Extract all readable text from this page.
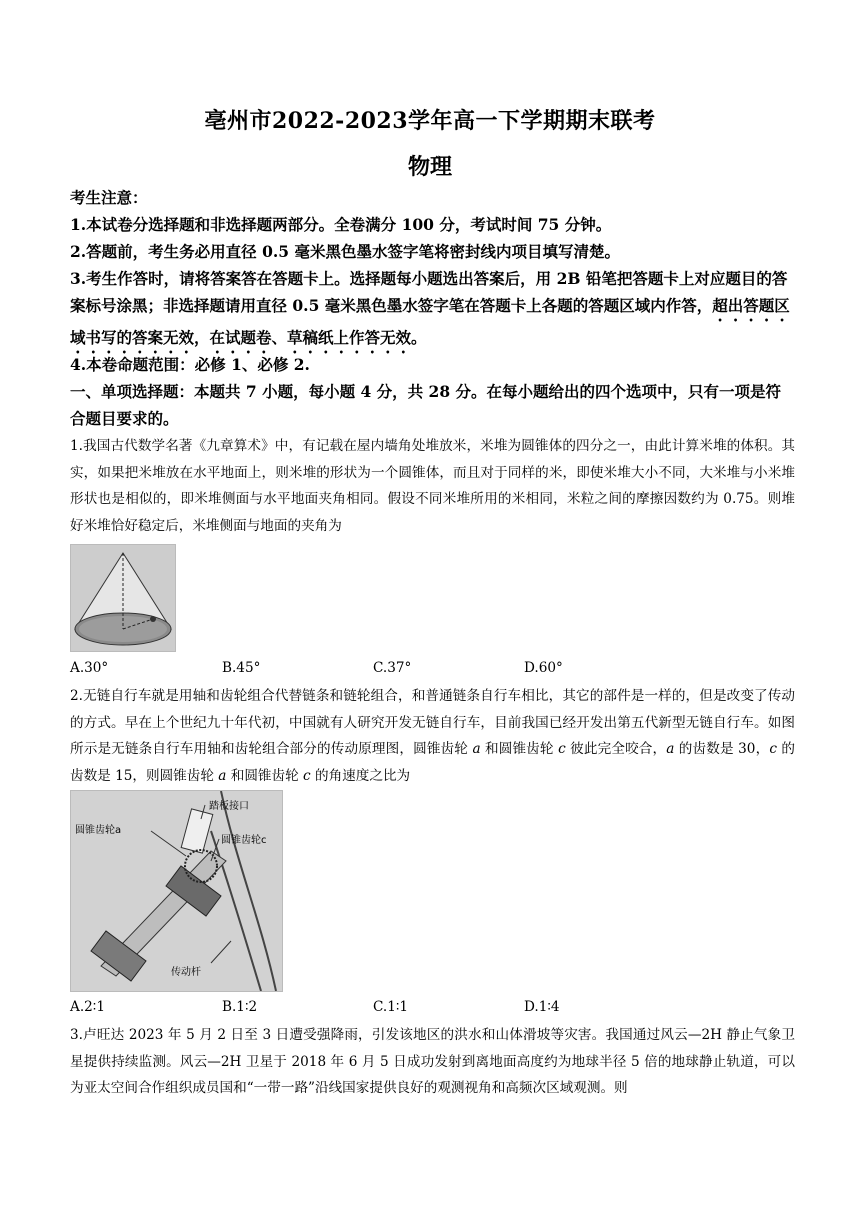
亳州市2022-2023学年高一下学期期末联考
物理
考生注意：
1.本试卷分选择题和非选择题两部分。全卷满分 100 分，考试时间 75 分钟。
2.答题前，考生务必用直径 0.5 毫米黑色墨水签字笔将密封线内项目填写清楚。
3.考生作答时，请将答案答在答题卡上。选择题每小题选出答案后，用 2B 铅笔把答题卡上对应题目的答案标号涂黑；非选择题请用直径 0.5 毫米黑色墨水签字笔在答题卡上各题的答题区域内作答，超出答题区域书写的答案无效，在试题卷、草稿纸上作答无效。
4.本卷命题范围：必修 1、必修 2.
一、单项选择题：本题共 7 小题，每小题 4 分，共 28 分。在每小题给出的四个选项中，只有一项是符合题目要求的。
1.我国古代数学名著《九章算术》中，有记载在屋内墙角处堆放米，米堆为圆锥体的四分之一，由此计算米堆的体积。其实，如果把米堆放在水平地面上，则米堆的形状为一个圆锥体，而且对于同样的米，即使米堆大小不同，大米堆与小米堆形状也是相似的，即米堆侧面与水平地面夹角相同。假设不同米堆所用的米相同，米粒之间的摩擦因数约为 0.75。则堆好米堆恰好稳定后，米堆侧面与地面的夹角为
A.30°	B.45°	C.37°	D.60°
2.无链自行车就是用轴和齿轮组合代替链条和链轮组合，和普通链条自行车相比，其它的部件是一样的，但是改变了传动的方式。早在上个世纪九十年代初，中国就有人研究开发无链自行车，目前我国已经开发出第五代新型无链自行车。如图所示是无链条自行车用轴和齿轮组合部分的传动原理图，圆锥齿轮 a 和圆锥齿轮 c 彼此完全咬合，a 的齿数是 30，c 的齿数是 15，则圆锥齿轮 a 和圆锥齿轮 c 的角速度之比为
踏板接口
圆锥齿轮a
圆锥齿轮c
传动杆
A.2∶1	B.1∶2	C.1∶1	D.1∶4
3.卢旺达 2023 年 5 月 2 日至 3 日遭受强降雨，引发该地区的洪水和山体滑坡等灾害。我国通过风云—2H 静止气象卫星提供持续监测。风云—2H 卫星于 2018 年 6 月 5 日成功发射到离地面高度约为地球半径 5 倍的地球静止轨道，可以为亚太空间合作组织成员国和“一带一路”沿线国家提供良好的观测视角和高频次区域观测。则
